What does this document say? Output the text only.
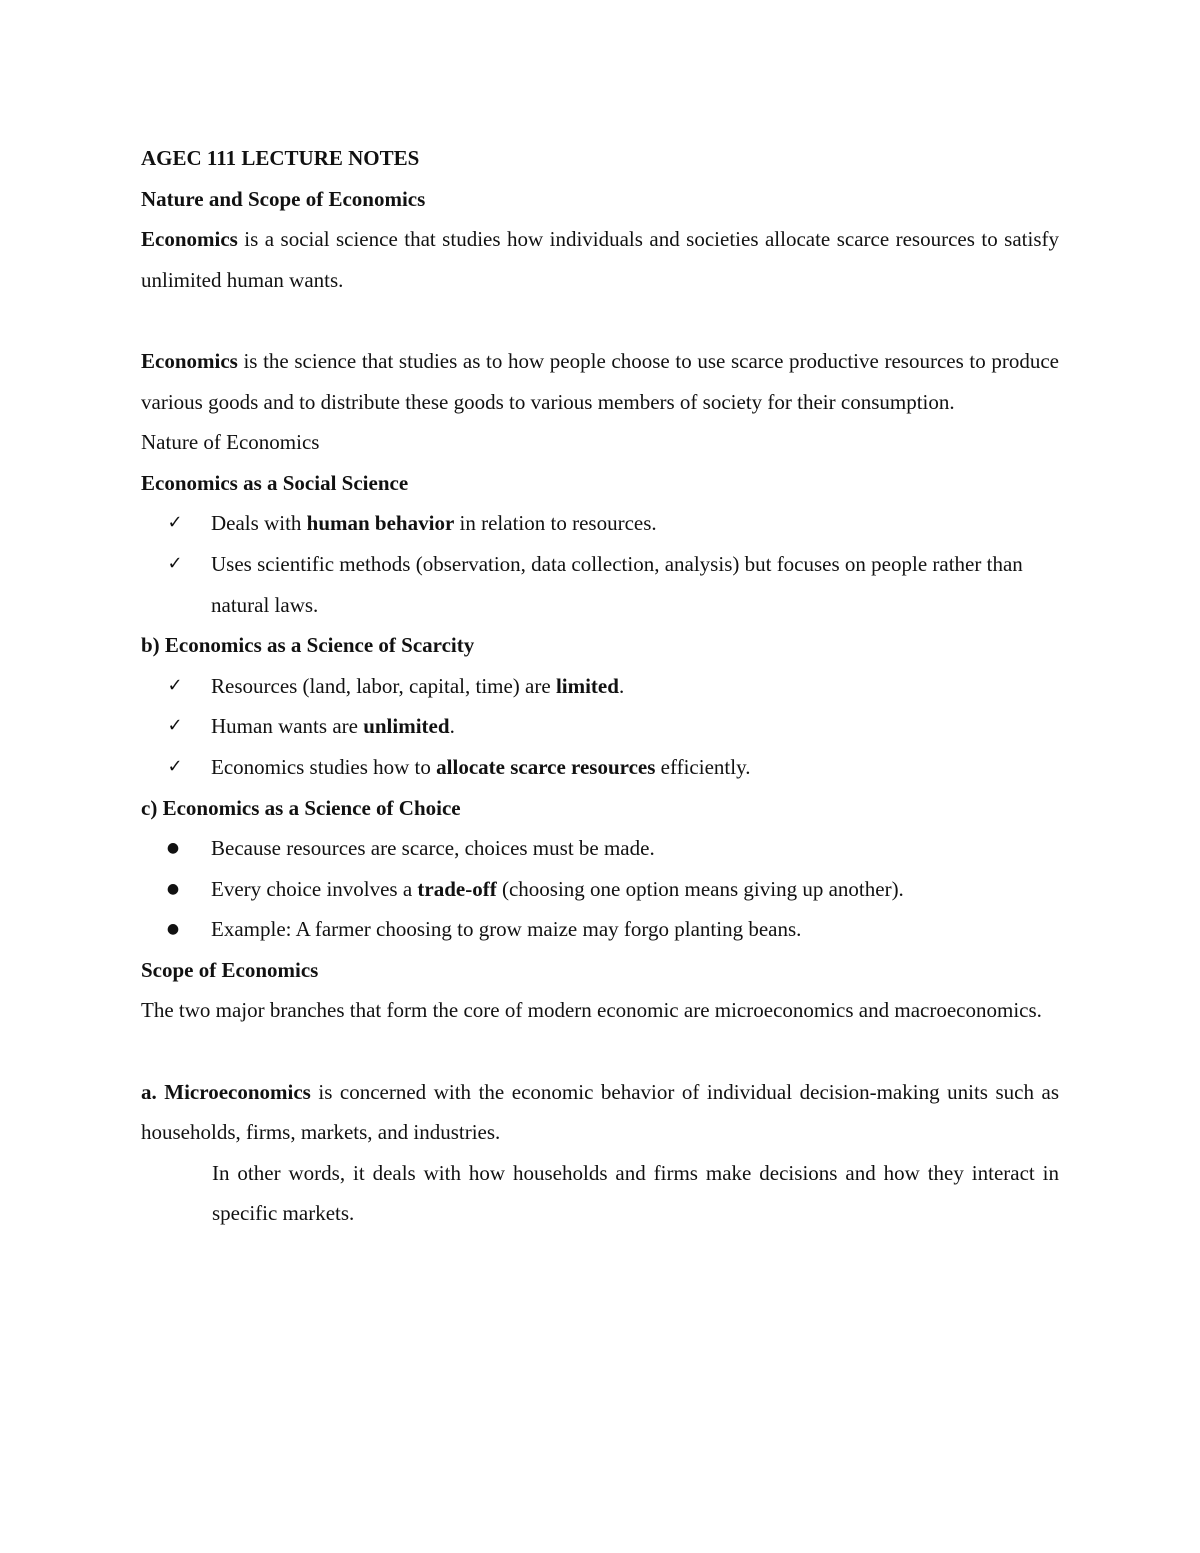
AGEC 111 LECTURE NOTES

Nature and Scope of Economics

Economics is a social science that studies how individuals and societies allocate scarce resources to satisfy unlimited human wants.

Economics is the science that studies as to how people choose to use scarce productive resources to produce various goods and to distribute these goods to various members of society for their consumption.

Nature of Economics

Economics as a Social Science

✓ Deals with human behavior in relation to resources.
✓ Uses scientific methods (observation, data collection, analysis) but focuses on people rather than natural laws.

b) Economics as a Science of Scarcity

✓ Resources (land, labor, capital, time) are limited.
✓ Human wants are unlimited.
✓ Economics studies how to allocate scarce resources efficiently.

c) Economics as a Science of Choice

● Because resources are scarce, choices must be made.
● Every choice involves a trade-off (choosing one option means giving up another).
● Example: A farmer choosing to grow maize may forgo planting beans.

Scope of Economics

The two major branches that form the core of modern economic are microeconomics and macroeconomics.

a. Microeconomics is concerned with the economic behavior of individual decision-making units such as households, firms, markets, and industries.

In other words, it deals with how households and firms make decisions and how they interact in specific markets.
